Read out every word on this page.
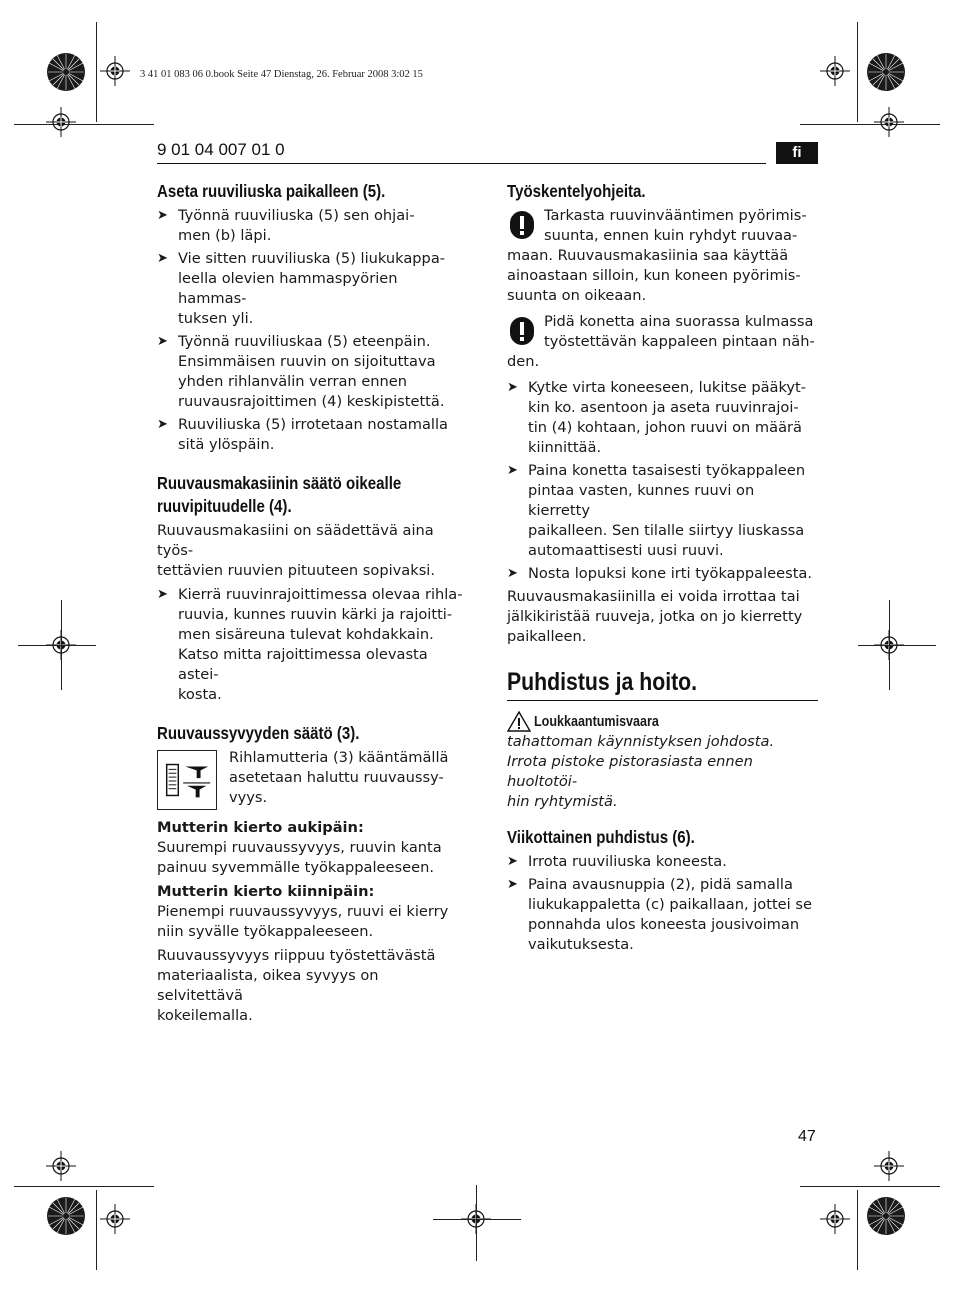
3 41 01 083 06 0.book Seite 47 Dienstag, 26. Februar 2008 3:02 15
9 01 04 007 01 0	fi
Aseta ruuviliuska paikalleen (5).
➤ Työnnä ruuviliuska (5) sen ohjai-
men (b) läpi.
➤ Vie sitten ruuviliuska (5) liukukappa-
leella olevien hammaspyörien hammas-
tuksen yli.
➤ Työnnä ruuviliuskaa (5) eteenpäin.
Ensimmäisen ruuvin on sijoituttava
yhden rihlanvälin verran ennen
ruuvausrajoittimen (4) keskipistettä.
➤ Ruuviliuska (5) irrotetaan nostamalla
sitä ylöspäin.
Ruuvausmakasiinin säätö oikealle
ruuvipituudelle (4).
Ruuvausmakasiini on säädettävä aina työs-
tettävien ruuvien pituuteen sopivaksi.
➤ Kierrä ruuvinrajoittimessa olevaa rihla-
ruuvia, kunnes ruuvin kärki ja rajoitti-
men sisäreuna tulevat kohdakkain.
Katso mitta rajoittimessa olevasta astei-
kosta.
Ruuvaussyvyyden säätö (3).
Rihlamutteria (3) kääntämällä
asetetaan haluttu ruuvaussy-
vyys.
Mutterin kierto aukipäin:
Suurempi ruuvaussyvyys, ruuvin kanta
painuu syvemmälle työkappaleeseen.
Mutterin kierto kiinnipäin:
Pienempi ruuvaussyvyys, ruuvi ei kierry
niin syvälle työkappaleeseen.
Ruuvaussyvyys riippuu työstettävästä
materiaalista, oikea syvyys on selvitettävä
kokeilemalla.
Työskentelyohjeita.
Tarkasta ruuvinvääntimen pyörimis-
suunta, ennen kuin ryhdyt ruuvaa-
maan. Ruuvausmakasiinia saa käyttää
ainoastaan silloin, kun koneen pyörimis-
suunta on oikeaan.
Pidä konetta aina suorassa kulmassa
työstettävän kappaleen pintaan näh-
den.
➤ Kytke virta koneeseen, lukitse pääkyt-
kin ko. asentoon ja aseta ruuvinrajoi-
tin (4) kohtaan, johon ruuvi on määrä
kiinnittää.
➤ Paina konetta tasaisesti työkappaleen
pintaa vasten, kunnes ruuvi on kierretty
paikalleen. Sen tilalle siirtyy liuskassa
automaattisesti uusi ruuvi.
➤ Nosta lopuksi kone irti työkappaleesta.
Ruuvausmakasiinilla ei voida irrottaa tai
jälkikiristää ruuveja, jotka on jo kierretty
paikalleen.
Puhdistus ja hoito.
Loukkaantumisvaara
tahattoman käynnistyksen johdosta.
Irrota pistoke pistorasiasta ennen huoltotöi-
hin ryhtymistä.
Viikottainen puhdistus (6).
➤ Irrota ruuviliuska koneesta.
➤ Paina avausnuppia (2), pidä samalla
liukukappaletta (c) paikallaan, jottei se
ponnahda ulos koneesta jousivoiman
vaikutuksesta.
47
